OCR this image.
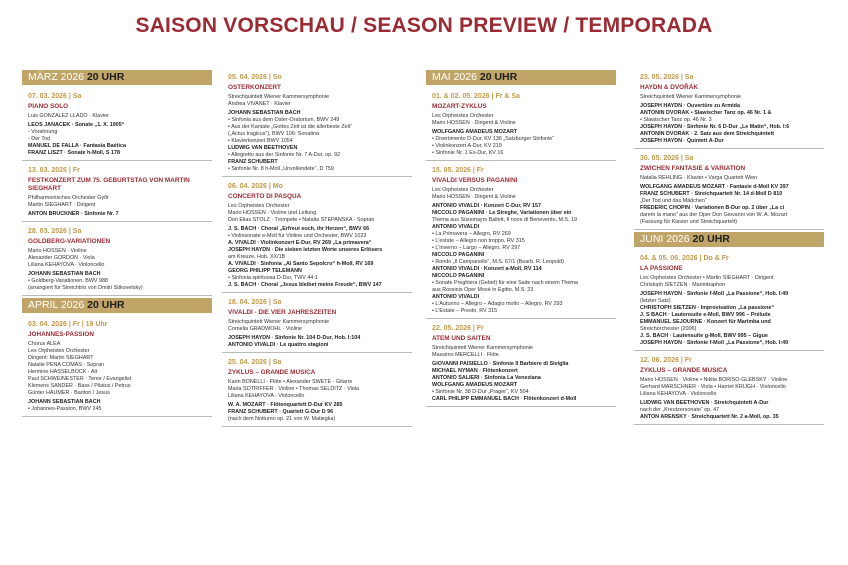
SAISON VORSCHAU / SEASON PREVIEW / TEMPORADA
MÄRZ 2026 20 UHR
07. 03. 2026 | Sa
PIANO SOLO
Luis GONZÁLEZ LLADÓ · Klavier
LEOŠ JANÁČEK · Sonate „1. X. 1905“
- Vorahnung
- Der Tod
MANUEL DE FALLA · Fantasia Baética
FRANZ LISZT · Sonate h-Moll, S 178
13. 03. 2026 | Fr
FESTKONZERT ZUM 75. GEBURTSTAG VON MARTIN SIEGHART
Philharmonisches Orchester Győr
Martin SIEGHART · Dirigent
ANTON BRUCKNER · Sinfonie Nr. 7
28. 03. 2026 | Sa
GOLDBERG-VARIATIONEN
Mario HOSSEN · Violine
Alexander GORDON · Viola
Liliana KEHAYOVA · Violoncello
JOHANN SEBASTIAN BACH
• Goldberg-Variationen, BWV 988
(arrangiert für Streichtrio von Dmitri Sitkovetsky)
APRIL 2026 20 UHR
03. 04. 2026 | Fr | 19 Uhr
JOHANNES-PASSION
Chorus ALEA
Les Orpheistes Orchester
Dirigent: Martin SIEGHART
Natalie PEÑA COMAS · Sopran
Hermine HASSELBÖCK · Alt
Paul SCHWEINESTER · Tenor / Evangelist
Klemens SANDER · Bass / Pilatus / Petrus
Günter HAUMER · Bariton / Jesus
JOHANN SEBASTIAN BACH
• Johannes-Passion, BWV 245
05. 04. 2026 | So
OSTERKONZERT
Streichquintett Wiener Kammersymphonie
Andrea VIVANET · Klavier
JOHANN SEBASTIAN BACH
• Sinfonia aus dem Oster-Oratorium, BWV 249
• Aus der Kantate „Gottes Zeit ist die allerbeste Zeit“
(„Actus tragicus“), BWV 106: Sonatina
• Klavierkonzert BWV 1054
LUDWIG VAN BEETHOVEN
• Allegretto aus der Sinfonie Nr. 7 A-Dur, op. 92
FRANZ SCHUBERT
• Sinfonie Nr. 8 h-Moll „Unvollendete“, D 759
06. 04. 2026 | Mo
CONCERTO DI PASQUA
Les Orpheistes Orchester
Mario HOSSEN · Violine und Leitung
Don Elias STOLZ · Trompete • Natalia STEPANSKA · Sopran
J. S. BACH · Choral „Erfreut euch, ihr Herzen“, BWV 66
• Violinsonate e-Moll für Violine und Orchester, BWV 1023
A. VIVALDI · Violinkonzert E-Dur, RV 269 „La primavera“
JOSEPH HAYDN · Die sieben letzten Worte unseres Erlösers
am Kreuze, Hob. XX/1B
A. VIVALDI · Sinfonia „Al Santo Sepolcro“ h-Moll, RV 169
GEORG PHILIPP TELEMANN
• Sinfonia spirituosa D-Dur, TWV 44:1
J. S. BACH · Choral „Jesus bleibet meine Freude“, BWV 147
18. 04. 2026 | Sa
VIVALDI - DIE VIER JAHRESZEITEN
Streichquintett Wiener Kammersymphonie
Cornelia GRADWOHL · Violine
JOSEPH HAYDN · Sinfonie Nr. 104 D-Dur, Hob. I:104
ANTONIO VIVALDI · Le quattro stagioni
25. 04. 2026 | Sa
ZYKLUS – GRANDE MUSICA
Karin BONELLI · Flöte • Alexander SWETE · Gitarre
Maria SOTRIFFER · Violine • Thomas SELDITZ · Viola
Liliana KEHAYOVA · Violoncello
W. A. MOZART · Flötenquartett D-Dur KV 285
FRANZ SCHUBERT · Quartett G-Dur D 96
(nach dem Notturno op. 21 von W. Matiegka)
MAI 2026 20 UHR
01. & 02. 05. 2026 | Fr & Sa
MOZART-ZYKLUS
Les Orpheistes Orchester
Mario HOSSEN · Dirigent & Violine
WOLFGANG AMADEUS MOZART
• Divertimento D-Dur, KV 136 „Salzburger Sinfonie“
• Violinkonzert A-Dur, KV 219
• Sinfonie Nr. 1 Es-Dur, KV 16
15. 05. 2026 | Fr
VIVALDI VERSUS PAGANINI
Les Orpheistes Orchester
Mario HOSSEN · Dirigent & Violine
ANTONIO VIVALDI · Konzert C-Dur, RV 157
NICCOLÒ PAGANINI · Le Streghe, Variationen über ein
Thema aus Süssmayrs Ballett, Il noce di Benevento, M.S. 19
ANTONIO VIVALDI
• La Primavera – Allegro, RV 269
• L'estate – Allegro non troppo, RV 315
• L'inverno – Largo – Allegro, RV 297
NICCOLÒ PAGANINI
• Rondo „Il Campanello“, M.S. 67/1 (Bearb. R. Leopold)
ANTONIO VIVALDI · Konzert a-Moll, RV 114
NICCOLÒ PAGANINI
• Sonate Preghiera (Gebet) für eine Saite nach einem Thema
aus Rossinis Oper Mosè in Egitto, M.S. 23
ANTONIO VIVALDI
• L'Autunno – Allegro – Adagio molto – Allegro, RV 293
• L'Estate – Presto, RV 315
22. 05. 2026 | Fr
ATEM UND SAITEN
Streichquintett Wiener Kammersymphonie
Massimo MERCELLI · Flöte
GIOVANNI PAISIELLO · Sinfonie Il Barbiere di Siviglia
MICHAEL NYMAN · Flötenkonzert
ANTONIO SALIERI · Sinfonia La Veneziana
WOLFGANG AMADEUS MOZART
• Sinfonie Nr. 38 D-Dur „Prager“, KV 504
CARL PHILIPP EMMANUEL BACH · Flötenkonzert d-Moll
23. 05. 2026 | Sa
HAYDN & DVOŘÁK
Streichquintett Wiener Kammersymphonie
JOSEPH HAYDN · Ouvertüre zu Armida
ANTONÍN DVOŘÁK • Slawischer Tanz op. 46 Nr. 1 &
• Slawischer Tanz op. 46 Nr. 3
JOSEPH HAYDN · Sinfonie Nr. 6 D-Dur „Le Matin“, Hob. I:6
ANTONÍN DVOŘÁK · 2. Satz aus dem Streichquintett
JOSEPH HAYDN · Quintett A-Dur
30. 05. 2026 | Sa
ZWICHEN FANTASIE & VARIATION
Natalia REHLING · Klavier • Varga Quartett Wien
WOLFGANG AMADEUS MOZART · Fantasie d-Moll KV 397
FRANZ SCHUBERT · Streichquartett Nr. 14 d-Moll D 810
„Der Tod und das Mädchen“
FRÉDÉRIC CHOPIN · Variationen B-Dur op. 2 über „La ci
darem la mano“ aus der Oper Don Giovanni von W. A. Mozart
(Fassung für Klavier und Streichquartett)
JUNI 2026 20 UHR
04. & 05. 06. 2026 | Do & Fr
LA PASSIONE
Les Orpheistes Orchester • Martin SIEGHART · Dirigent
Christoph SIETZEN · Marimbaphon
JOSEPH HAYDN · Sinfonie f-Moll „La Passione“, Hob. I:49
(letzter Satz)
CHRISTOPH SIETZEN · Improvisation „La passione“
J. S BACH · Lautensuite e-Moll, BWV 996 – Prélude
EMMANUEL SÉJOURNÉ · Konzert für Marimba und
Streichorchester (2006)
J. S. BACH · Lautensuite g-Moll, BWV 995 – Gigue
JOSEPH HAYDN · Sinfonie f-Moll „La Passione“, Hob. I:49
12. 06. 2026 | Fr
ZYKLUS – GRANDE MUSICA
Mario HOSSEN · Violine • Nikita BORISO-GLEBSKY · Violine
Gerhard MARSCHNER · Viola • Harriet KRIJGH · Violoncello
Liliana KEHAYOVA · Violoncello
LUDWIG VAN BEETHOVEN · Streichquintett A-Dur
nach der „Kreutzersonate“ op. 47
ANTON ARENSKY · Streichquartett Nr. 2 a-Moll, op. 35
